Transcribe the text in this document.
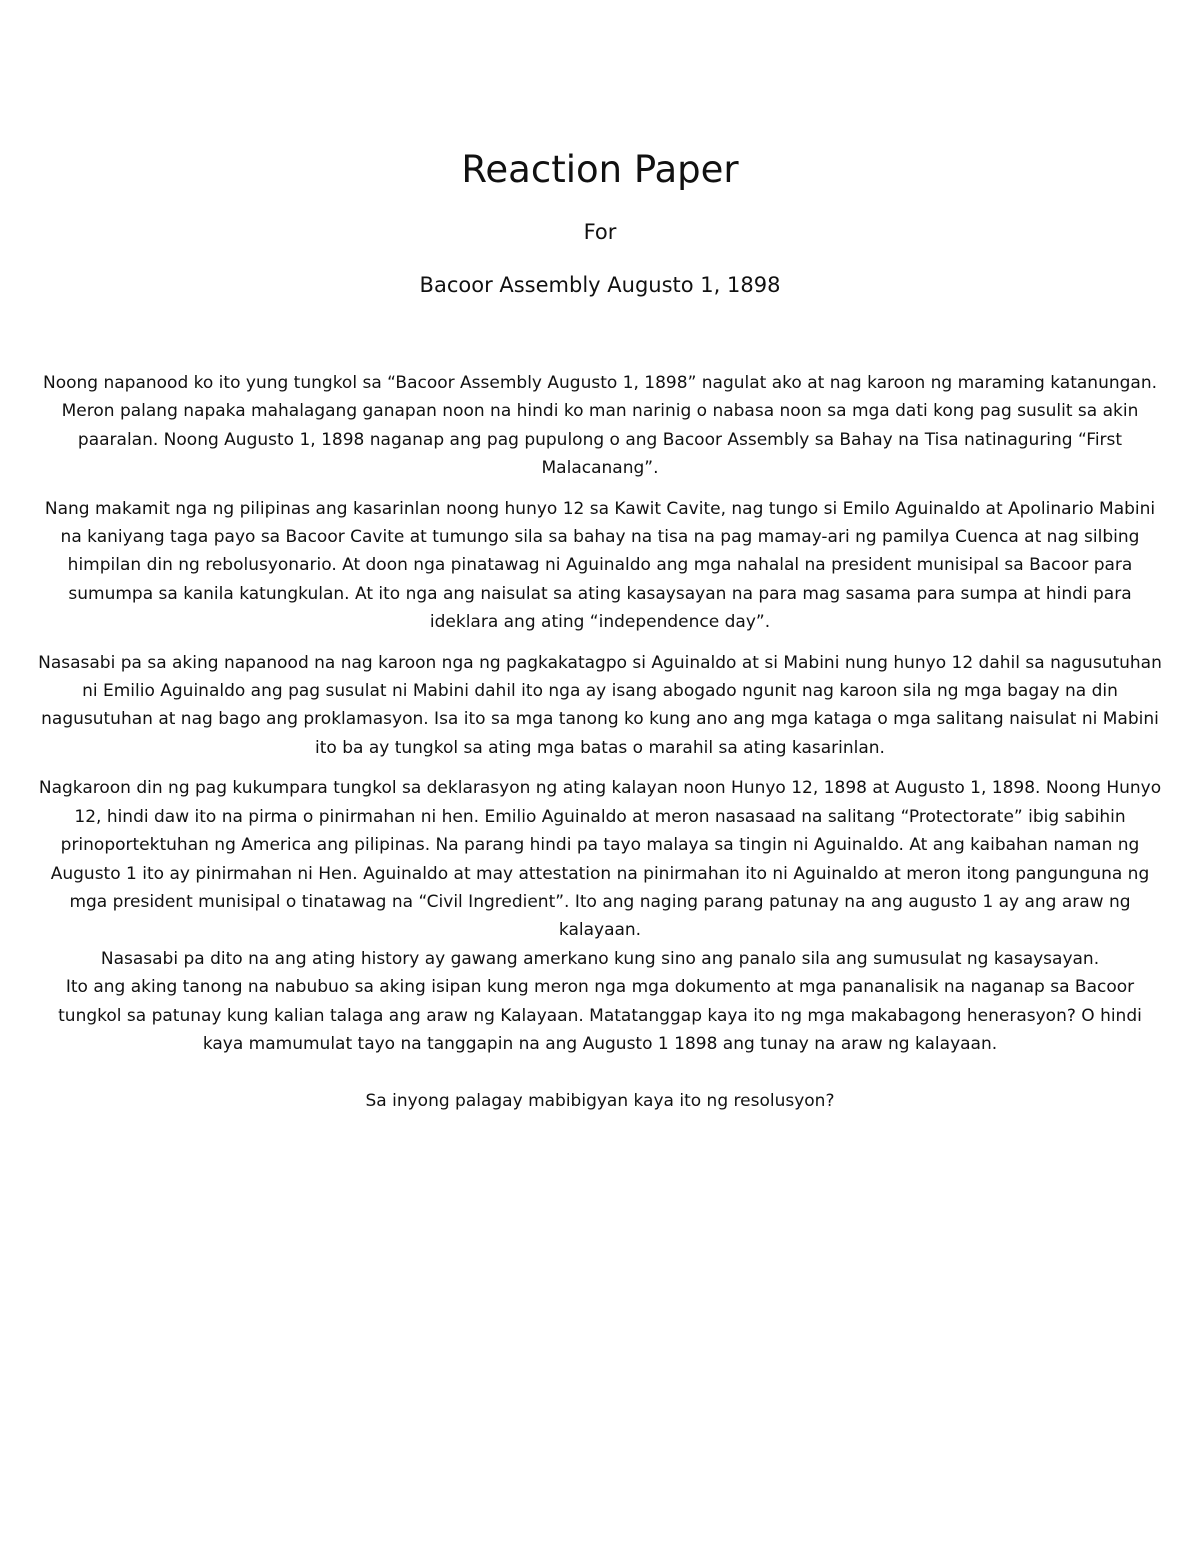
Reaction Paper
For
Bacoor Assembly Augusto 1, 1898

Noong napanood ko ito yung tungkol sa “Bacoor Assembly Augusto 1, 1898” nagulat ako at nag karoon ng maraming katanungan. Meron palang napaka mahalagang ganapan noon na hindi ko man narinig o nabasa noon sa mga dati kong pag susulit sa akin paaralan. Noong Augusto 1, 1898 naganap ang pag pupulong o ang Bacoor Assembly sa Bahay na Tisa natinaguring “First Malacanang”.

Nang makamit nga ng pilipinas ang kasarinlan noong hunyo 12 sa Kawit Cavite, nag tungo si Emilo Aguinaldo at Apolinario Mabini na kaniyang taga payo sa Bacoor Cavite at tumungo sila sa bahay na tisa na pag mamay-ari ng pamilya Cuenca at nag silbing himpilan din ng rebolusyonario. At doon nga pinatawag ni Aguinaldo ang mga nahalal na president munisipal sa Bacoor para sumumpa sa kanila katungkulan. At ito nga ang naisulat sa ating kasaysayan na para mag sasama para sumpa at hindi para ideklara ang ating “independence day”.

Nasasabi pa sa aking napanood na nag karoon nga ng pagkakatagpo si Aguinaldo at si Mabini nung hunyo 12 dahil sa nagusutuhan ni Emilio Aguinaldo ang pag susulat ni Mabini dahil ito nga ay isang abogado ngunit nag karoon sila ng mga bagay na din nagusutuhan at nag bago ang proklamasyon. Isa ito sa mga tanong ko kung ano ang mga kataga o mga salitang naisulat ni Mabini ito ba ay tungkol sa ating mga batas o marahil sa ating kasarinlan.

Nagkaroon din ng pag kukumpara tungkol sa deklarasyon ng ating kalayan noon Hunyo 12, 1898 at Augusto 1, 1898. Noong Hunyo 12, hindi daw ito na pirma o pinirmahan ni hen. Emilio Aguinaldo at meron nasasaad na salitang “Protectorate” ibig sabihin prinoportektuhan ng America ang pilipinas. Na parang hindi pa tayo malaya sa tingin ni Aguinaldo. At ang kaibahan naman ng Augusto 1 ito ay pinirmahan ni Hen. Aguinaldo at may attestation na pinirmahan ito ni Aguinaldo at meron itong pangunguna ng mga president munisipal o tinatawag na “Civil Ingredient”. Ito ang naging parang patunay na ang augusto 1 ay ang araw ng kalayaan.

Nasasabi pa dito na ang ating history ay gawang amerkano kung sino ang panalo sila ang sumusulat ng kasaysayan.

Ito ang aking tanong na nabubuo sa aking isipan kung meron nga mga dokumento at mga pananalisik na naganap sa Bacoor tungkol sa patunay kung kalian talaga ang araw ng Kalayaan. Matatanggap kaya ito ng mga makabagong henerasyon? O hindi kaya mamumulat tayo na tanggapin na ang Augusto 1 1898 ang tunay na araw ng kalayaan.

Sa inyong palagay mabibigyan kaya ito ng resolusyon?
